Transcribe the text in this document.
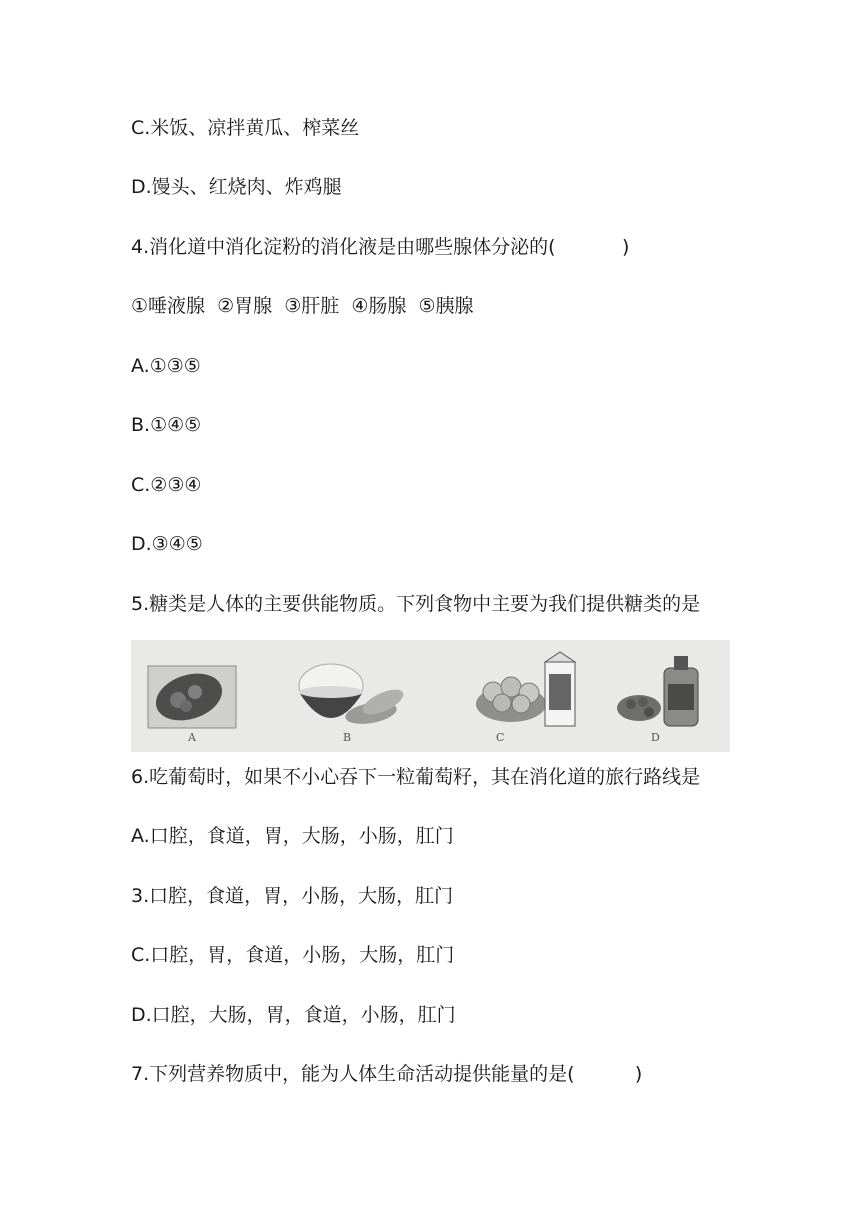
C.米饭、凉拌黄瓜、榨菜丝
D.馒头、红烧肉、炸鸡腿
4.消化道中消化淀粉的消化液是由哪些腺体分泌的(           )
①唾液腺  ②胃腺  ③肝脏  ④肠腺  ⑤胰腺
A.①③⑤
B.①④⑤
C.②③④
D.③④⑤
5.糖类是人体的主要供能物质。下列食物中主要为我们提供糖类的是
A	B	C	D
6.吃葡萄时，如果不小心吞下一粒葡萄籽，其在消化道的旅行路线是
A.口腔，食道，胃，大肠，小肠，肛门
3.口腔，食道，胃，小肠，大肠，肛门
C.口腔，胃，食道，小肠，大肠，肛门
D.口腔，大肠，胃，食道，小肠，肛门
7.下列营养物质中，能为人体生命活动提供能量的是(          )
